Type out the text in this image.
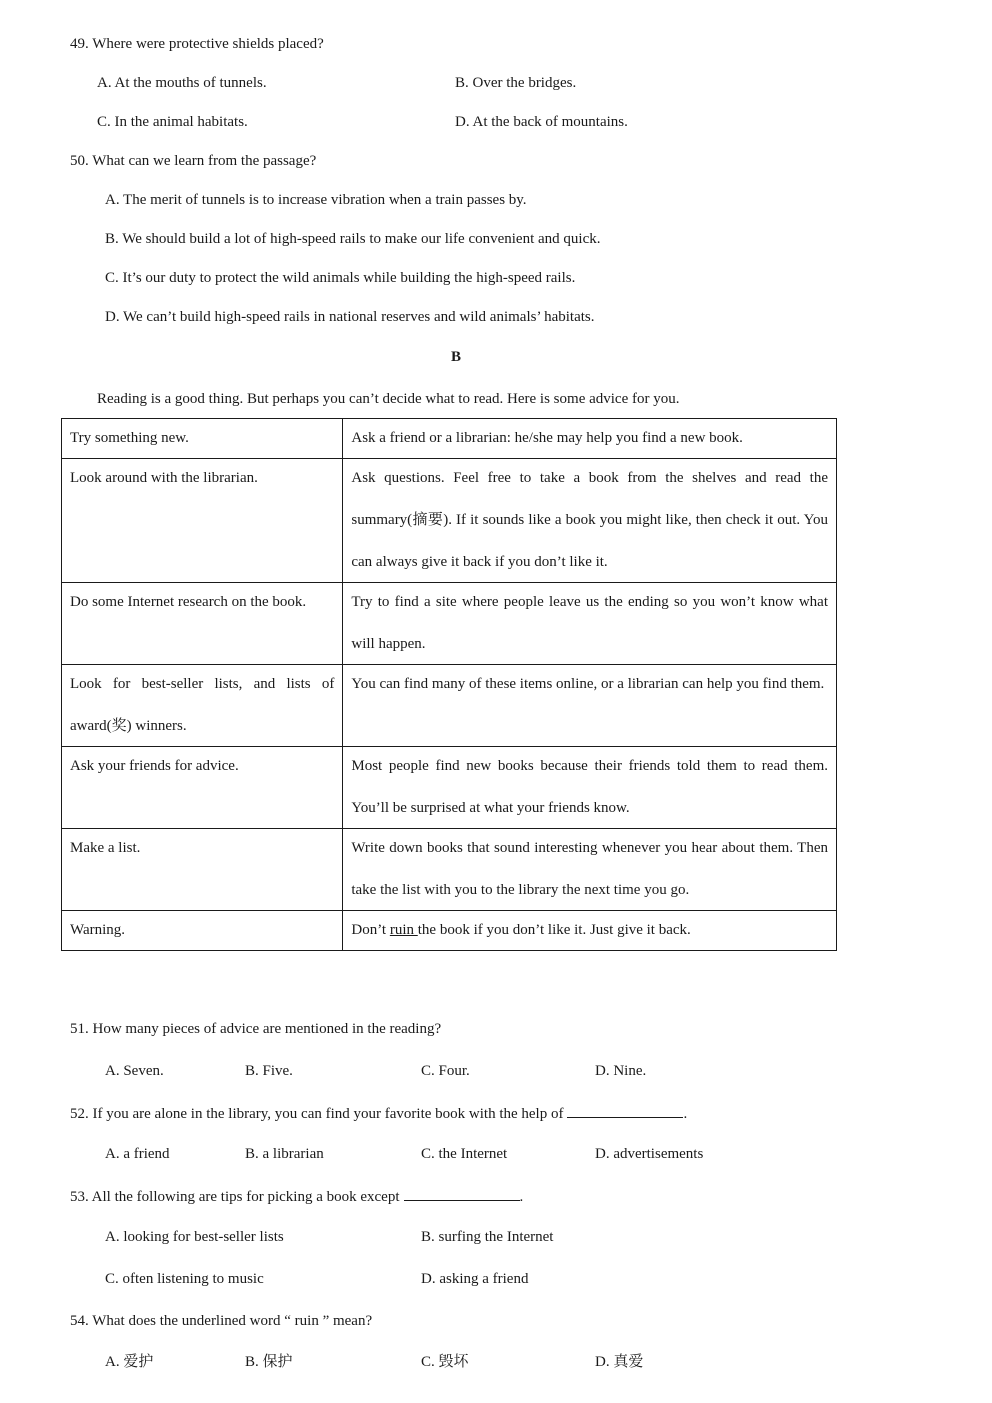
49. Where were protective shields placed?
A. At the mouths of tunnels.	B. Over the bridges.
C. In the animal habitats.	D. At the back of mountains.
50. What can we learn from the passage?
A. The merit of tunnels is to increase vibration when a train passes by.
B. We should build a lot of high-speed rails to make our life convenient and quick.
C. It’s our duty to protect the wild animals while building the high-speed rails.
D. We can’t build high-speed rails in national reserves and wild animals’ habitats.
B
Reading is a good thing. But perhaps you can’t decide what to read. Here is some advice for you.
Try something new.	Ask a friend or a librarian: he/she may help you find a new book.

Look around with the librarian.	Ask questions. Feel free to take a book from the shelves and read the summary(摘要). If it sounds like a book you might like, then check it out. You can always give it back if you don’t like it.

Do some Internet research on the book.	Try to find a site where people leave us the ending so you won’t know what will happen.

Look for best-seller lists, and lists of award(奖) winners.	You can find many of these items online, or a librarian can help you find them.

Ask your friends for advice.	Most people find new books because their friends told them to read them. You’ll be surprised at what your friends know.

Make a list.	Write down books that sound interesting whenever you hear about them. Then take the list with you to the library the next time you go.

Warning.	Don’t ruin the book if you don’t like it. Just give it back.
51. How many pieces of advice are mentioned in the reading?
A. Seven.	B. Five.	C. Four.	D. Nine.
52. If you are alone in the library, you can find your favorite book with the help of	.
A. a friend	B. a librarian	C. the Internet	D. advertisements
53. All the following are tips for picking a book except	.
A. looking for best-seller lists	B. surfing the Internet
C. often listening to music	D. asking a friend
54. What does the underlined word “ ruin ” mean?
A. 爱护	B. 保护	C. 毁坏	D. 真爱
